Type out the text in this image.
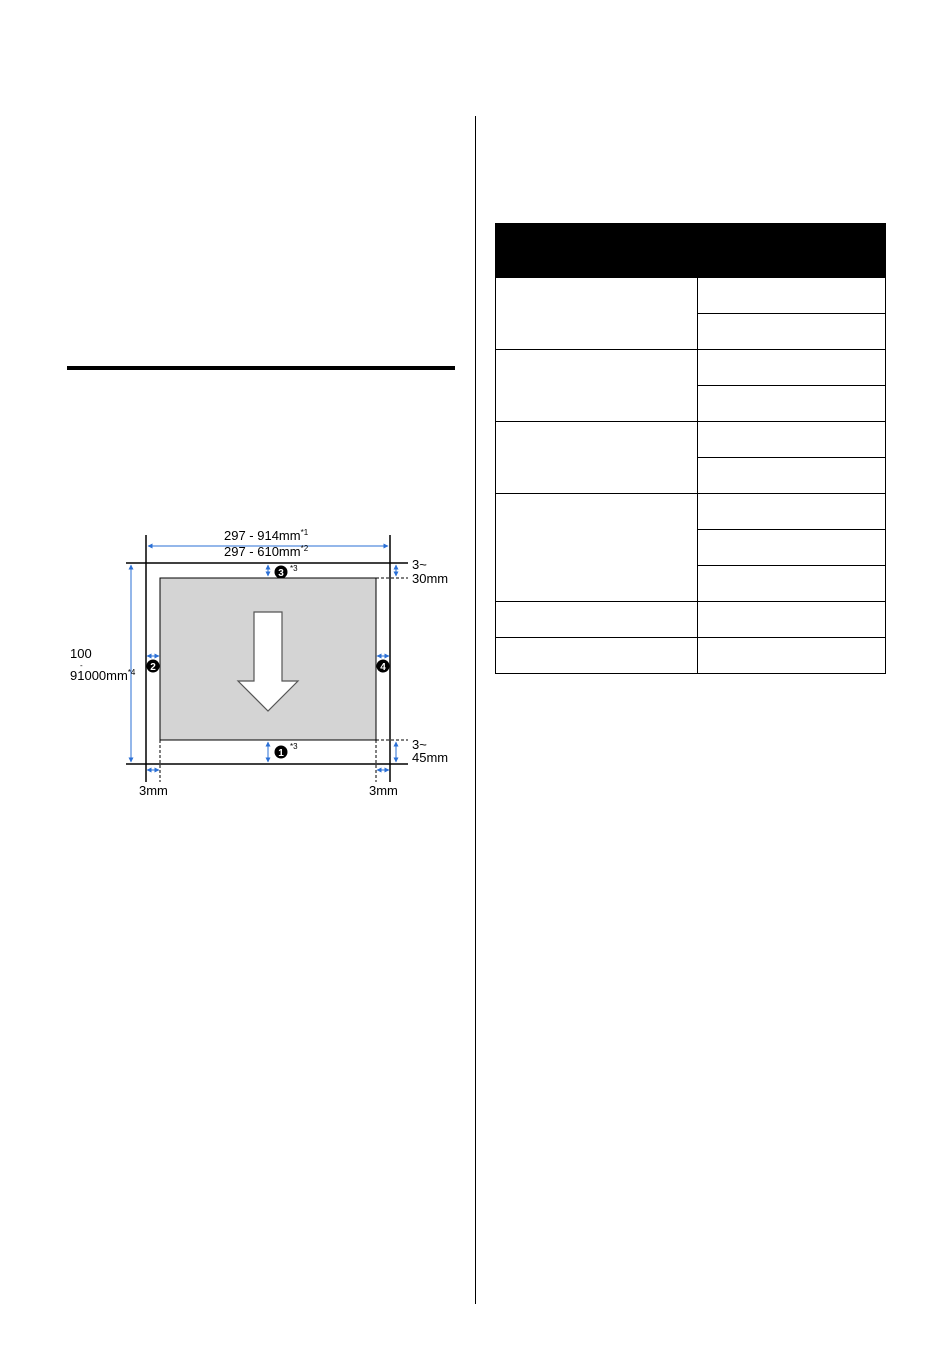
$297 - 914mm^{*1}$
$297 - 610mm^{*2}$
3~
30mm
3~
45mm
100
-
$91000mm^{*4}$
3mm	3mm
3 *3
1
*3
2	4
